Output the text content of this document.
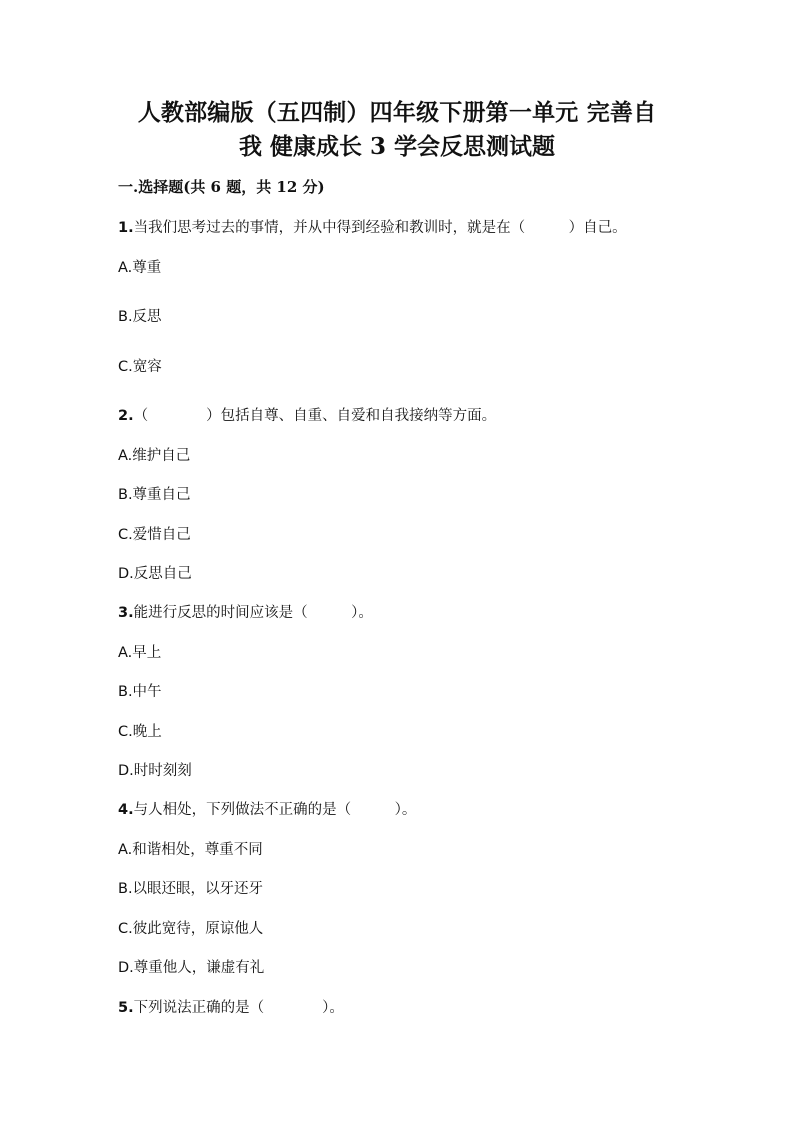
人教部编版（五四制）四年级下册第一单元 完善自
我 健康成长 3 学会反思测试题
一.选择题(共 6 题，共 12 分)
1.当我们思考过去的事情，并从中得到经验和教训时，就是在（　　　）自己。
A.尊重
B.反思
C.宽容
2.（　　　　）包括自尊、自重、自爱和自我接纳等方面。
A.维护自己
B.尊重自己
C.爱惜自己
D.反思自己
3.能进行反思的时间应该是（　　　）。
A.早上
B.中午
C.晚上
D.时时刻刻
4.与人相处，下列做法不正确的是（　　　）。
A.和谐相处，尊重不同
B.以眼还眼，以牙还牙
C.彼此宽待，原谅他人
D.尊重他人，谦虚有礼
5.下列说法正确的是（　　　　）。
